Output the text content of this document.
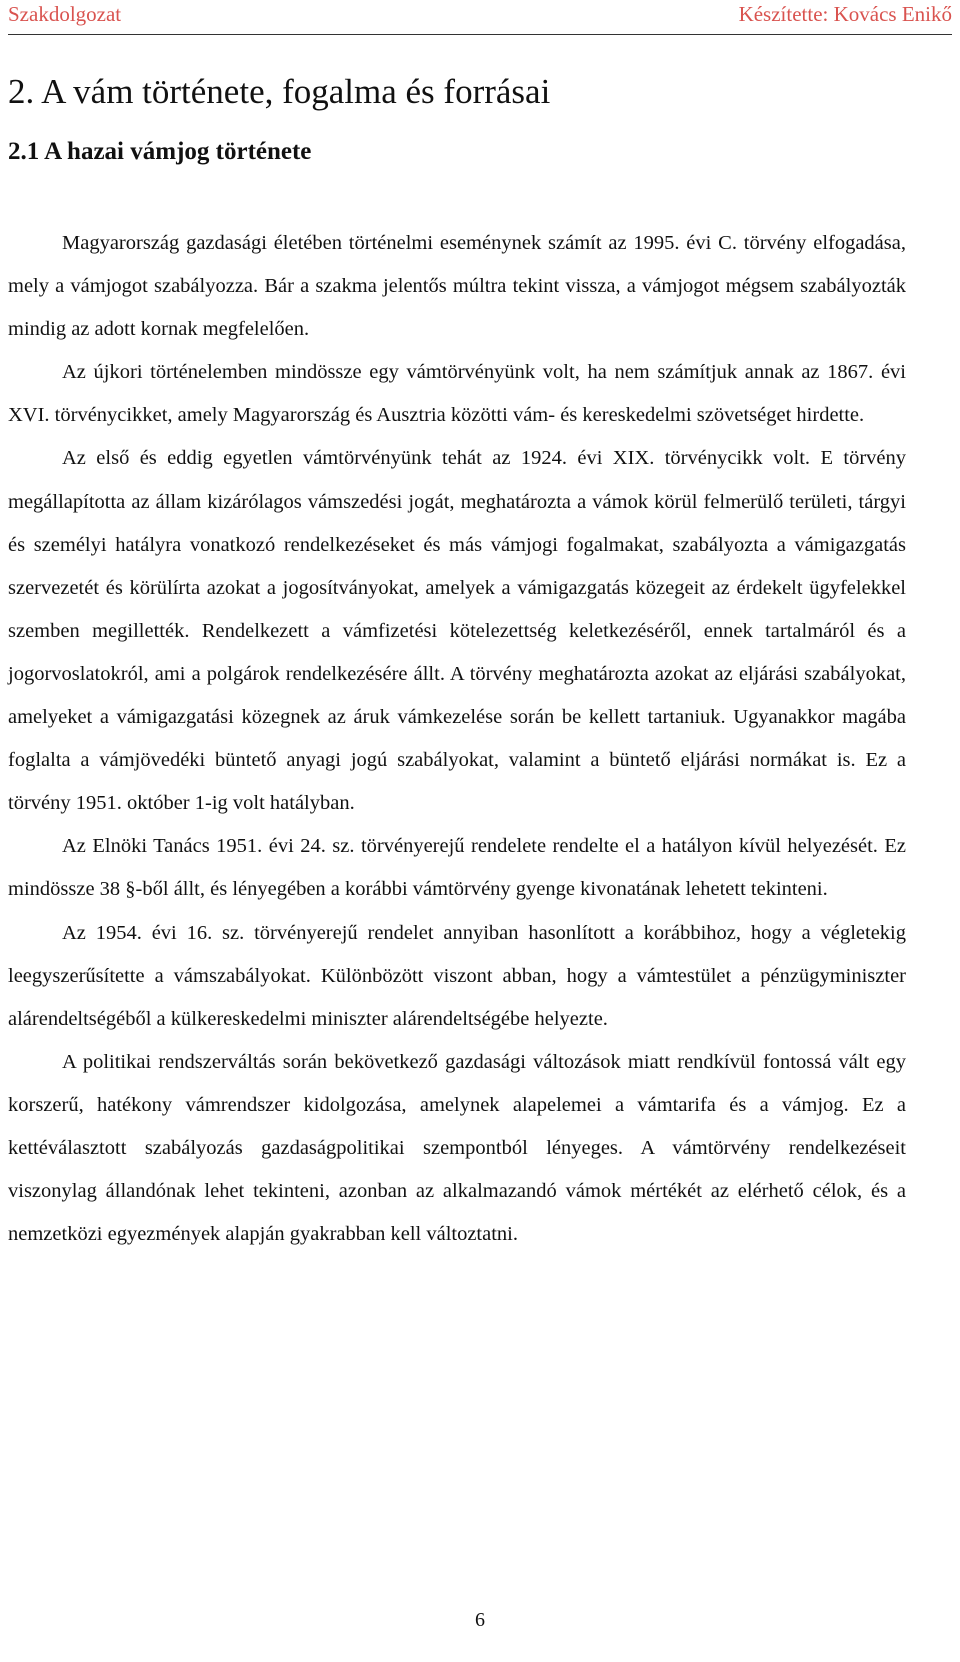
Szakdolgozat	Készítette: Kovács Enikő
2. A vám története, fogalma és forrásai
2.1 A hazai vámjog története

Magyarország gazdasági életében történelmi eseménynek számít az 1995. évi C. törvény elfogadása, mely a vámjogot szabályozza. Bár a szakma jelentős múltra tekint vissza, a vámjogot mégsem szabályozták mindig az adott kornak megfelelően.

Az újkori történelemben mindössze egy vámtörvényünk volt, ha nem számítjuk annak az 1867. évi XVI. törvénycikket, amely Magyarország és Ausztria közötti vám- és kereskedelmi szövetséget hirdette.

Az első és eddig egyetlen vámtörvényünk tehát az 1924. évi XIX. törvénycikk volt. E törvény megállapította az állam kizárólagos vámszedési jogát, meghatározta a vámok körül felmerülő területi, tárgyi és személyi hatályra vonatkozó rendelkezéseket és más vámjogi fogalmakat, szabályozta a vámigazgatás szervezetét és körülírta azokat a jogosítványokat, amelyek a vámigazgatás közegeit az érdekelt ügyfelekkel szemben megillették. Rendelkezett a vámfizetési kötelezettség keletkezéséről, ennek tartalmáról és a jogorvoslatokról, ami a polgárok rendelkezésére állt. A törvény meghatározta azokat az eljárási szabályokat, amelyeket a vámigazgatási közegnek az áruk vámkezelése során be kellett tartaniuk. Ugyanakkor magába foglalta a vámjövedéki büntető anyagi jogú szabályokat, valamint a büntető eljárási normákat is. Ez a törvény 1951. október 1-ig volt hatályban.

Az Elnöki Tanács 1951. évi 24. sz. törvényerejű rendelete rendelte el a hatályon kívül helyezését. Ez mindössze 38 §-ből állt, és lényegében a korábbi vámtörvény gyenge kivonatának lehetett tekinteni.

Az 1954. évi 16. sz. törvényerejű rendelet annyiban hasonlított a korábbihoz, hogy a végletekig leegyszerűsítette a vámszabályokat. Különbözött viszont abban, hogy a vámtestület a pénzügyminiszter alárendeltségéből a külkereskedelmi miniszter alárendeltségébe helyezte.

A politikai rendszerváltás során bekövetkező gazdasági változások miatt rendkívül fontossá vált egy korszerű, hatékony vámrendszer kidolgozása, amelynek alapelemei a vámtarifa és a vámjog. Ez a kettéválasztott szabályozás gazdaságpolitikai szempontból lényeges. A vámtörvény rendelkezéseit viszonylag állandónak lehet tekinteni, azonban az alkalmazandó vámok mértékét az elérhető célok, és a nemzetközi egyezmények alapján gyakrabban kell változtatni.

6
